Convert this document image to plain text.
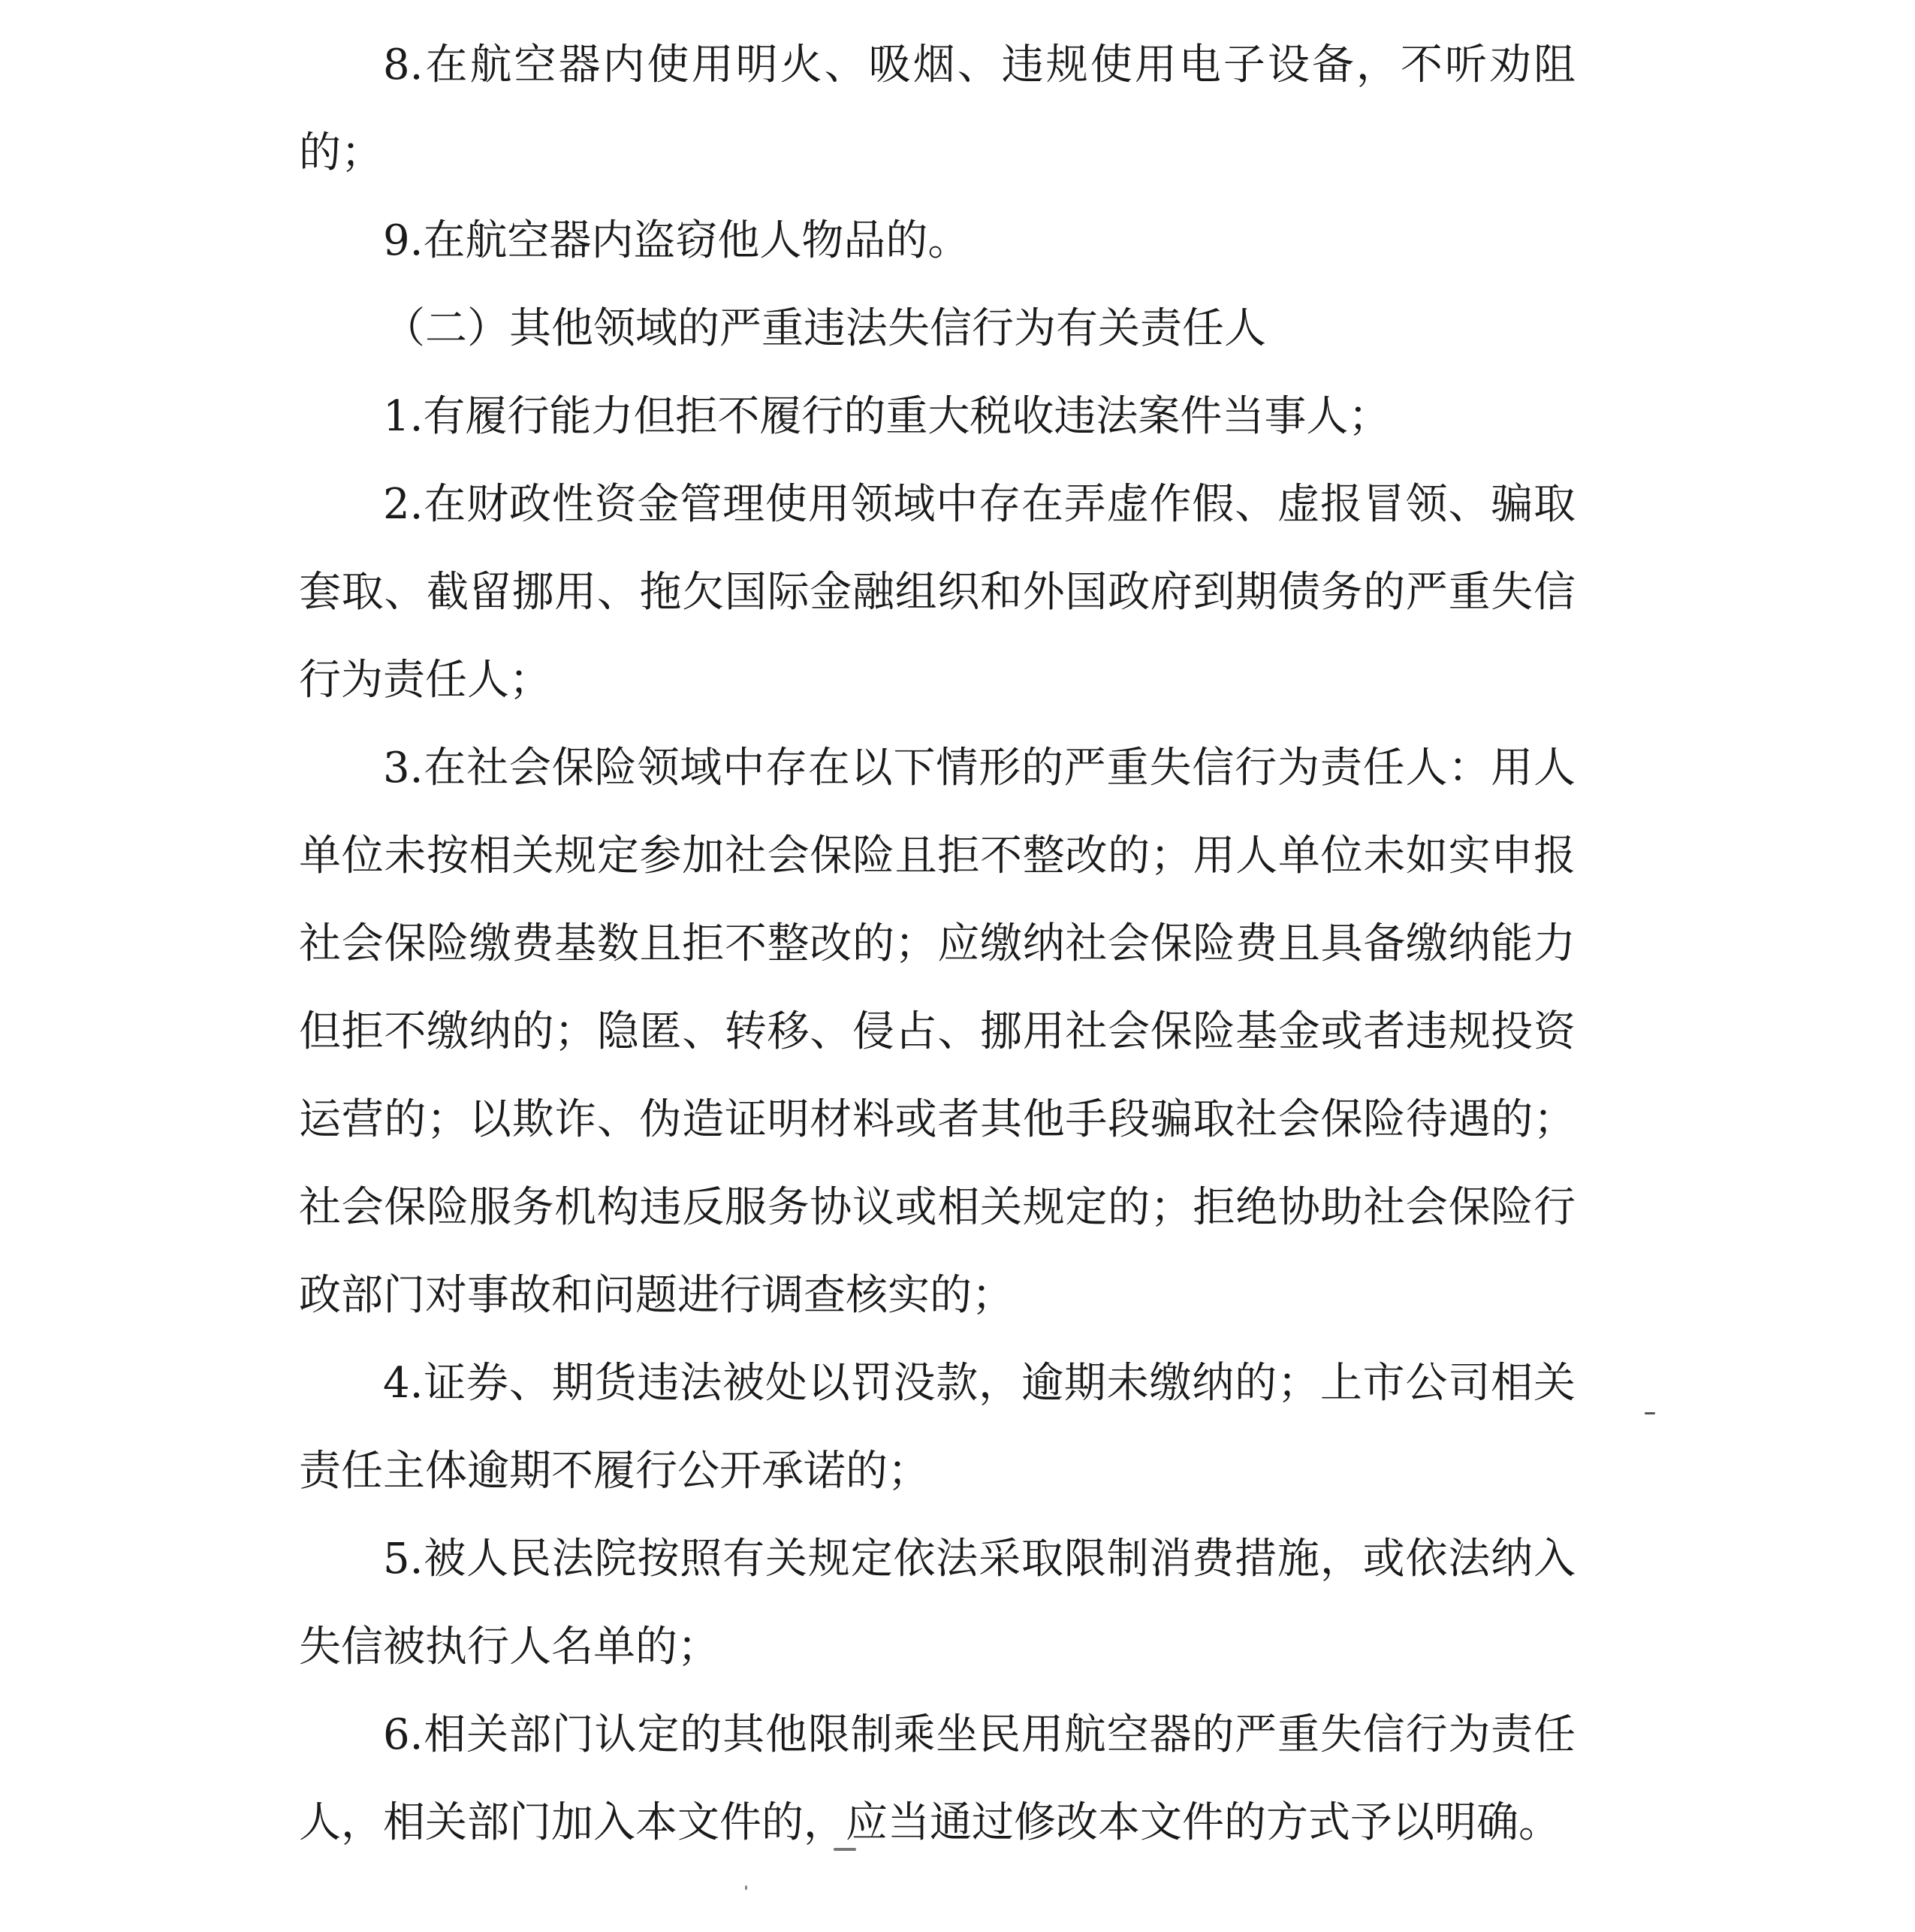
8.在航空器内使用明火、吸烟、违规使用电子设备，不听劝阻的；

9.在航空器内盗窃他人物品的。

（二）其他领域的严重违法失信行为有关责任人

1.有履行能力但拒不履行的重大税收违法案件当事人；

2.在财政性资金管理使用领域中存在弄虚作假、虚报冒领、骗取套取、截留挪用、拖欠国际金融组织和外国政府到期债务的严重失信行为责任人；

3.在社会保险领域中存在以下情形的严重失信行为责任人：用人单位未按相关规定参加社会保险且拒不整改的；用人单位未如实申报社会保险缴费基数且拒不整改的；应缴纳社会保险费且具备缴纳能力但拒不缴纳的；隐匿、转移、侵占、挪用社会保险基金或者违规投资运营的；以欺诈、伪造证明材料或者其他手段骗取社会保险待遇的；社会保险服务机构违反服务协议或相关规定的；拒绝协助社会保险行政部门对事故和问题进行调查核实的；

4.证券、期货违法被处以罚没款，逾期未缴纳的；上市公司相关责任主体逾期不履行公开承诺的；

5.被人民法院按照有关规定依法采取限制消费措施，或依法纳入失信被执行人名单的；

6.相关部门认定的其他限制乘坐民用航空器的严重失信行为责任人，相关部门加入本文件的，应当通过修改本文件的方式予以明确。
